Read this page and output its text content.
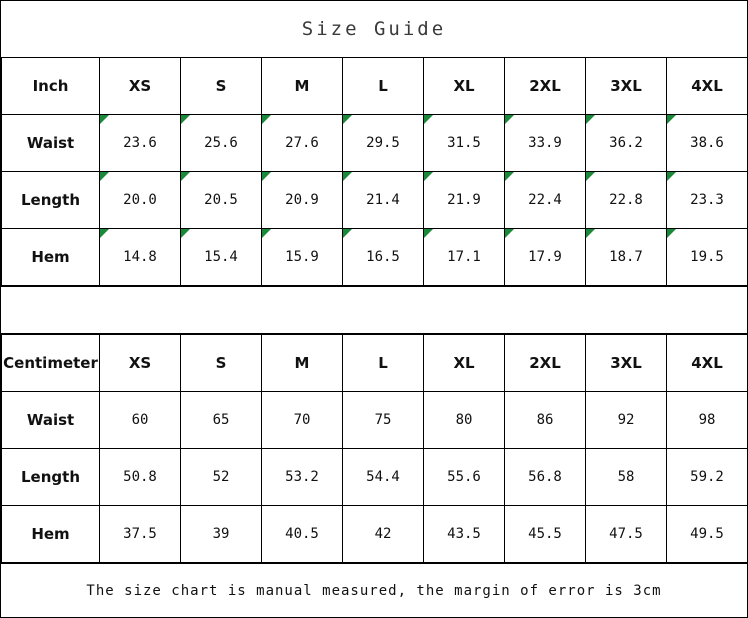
Size Guide
Inch	XS	S	M	L	XL	2XL	3XL	4XL
Waist	23.6	25.6	27.6	29.5	31.5	33.9	36.2	38.6
Length	20.0	20.5	20.9	21.4	21.9	22.4	22.8	23.3
Hem	14.8	15.4	15.9	16.5	17.1	17.9	18.7	19.5
Centimeter	XS	S	M	L	XL	2XL	3XL	4XL
Waist	60	65	70	75	80	86	92	98
Length	50.8	52	53.2	54.4	55.6	56.8	58	59.2
Hem	37.5	39	40.5	42	43.5	45.5	47.5	49.5
The size chart is manual measured, the margin of error is 3cm
